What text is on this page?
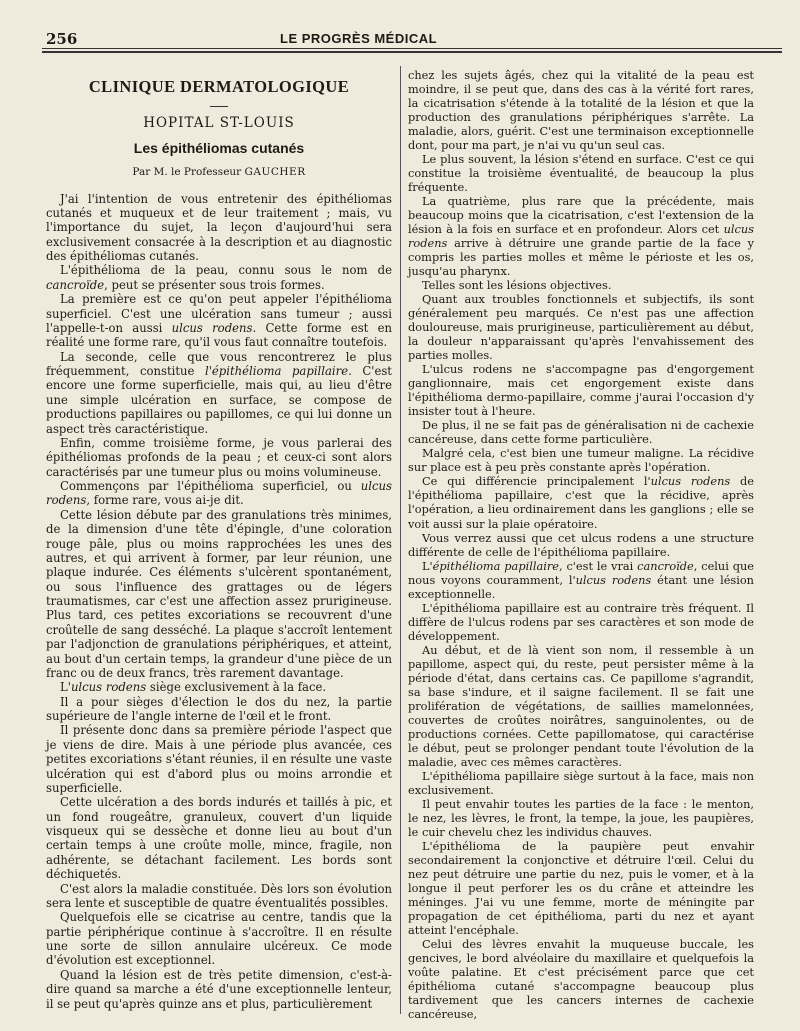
256	LE PROGRÈS MÉDICAL
CLINIQUE DERMATOLOGIQUE
HOPITAL ST-LOUIS
Les épithéliomas cutanés
Par M. le Professeur GAUCHER

J'ai l'intention de vous entretenir des épithéliomas cutanés et muqueux et de leur traitement ; mais, vu l'importance du sujet, la leçon d'aujourd'hui sera exclusivement consacrée à la description et au diagnostic des épithéliomas cutanés.

L'épithélioma de la peau, connu sous le nom de cancroïde, peut se présenter sous trois formes.

La première est ce qu'on peut appeler l'épithélioma superficiel. C'est une ulcération sans tumeur ; aussi l'appelle-t-on aussi ulcus rodens. Cette forme est en réalité une forme rare, qu'il vous faut connaître toutefois.

La seconde, celle que vous rencontrerez le plus fréquemment, constitue l'épithélioma papillaire. C'est encore une forme superficielle, mais qui, au lieu d'être une simple ulcération en surface, se compose de productions papillaires ou papillomes, ce qui lui donne un aspect très caractéristique.

Enfin, comme troisième forme, je vous parlerai des épithéliomas profonds de la peau ; et ceux-ci sont alors caractérisés par une tumeur plus ou moins volumineuse.

Commençons par l'épithélioma superficiel, ou ulcus rodens, forme rare, vous ai-je dit.

Cette lésion débute par des granulations très minimes, de la dimension d'une tête d'épingle, d'une coloration rouge pâle, plus ou moins rapprochées les unes des autres, et qui arrivent à former, par leur réunion, une plaque indurée. Ces éléments s'ulcèrent spontanément, ou sous l'influence des grattages ou de légers traumatismes, car c'est une affection assez prurigineuse. Plus tard, ces petites excoriations se recouvrent d'une croûtelle de sang desséché. La plaque s'accroît lentement par l'adjonction de granulations périphériques, et atteint, au bout d'un certain temps, la grandeur d'une pièce de un franc ou de deux francs, très rarement davantage.

L'ulcus rodens siège exclusivement à la face.

Il a pour sièges d'élection le dos du nez, la partie supérieure de l'angle interne de l'œil et le front.

Il présente donc dans sa première période l'aspect que je viens de dire. Mais à une période plus avancée, ces petites excoriations s'étant réunies, il en résulte une vaste ulcération qui est d'abord plus ou moins arrondie et superficielle.

Cette ulcération a des bords indurés et taillés à pic, et un fond rougeâtre, granuleux, couvert d'un liquide visqueux qui se dessèche et donne lieu au bout d'un certain temps à une croûte molle, mince, fragile, non adhérente, se détachant facilement. Les bords sont déchiquetés.

C'est alors la maladie constituée. Dès lors son évolution sera lente et susceptible de quatre éventualités possibles.

Quelquefois elle se cicatrise au centre, tandis que la partie périphérique continue à s'accroître. Il en résulte une sorte de sillon annulaire ulcéreux. Ce mode d'évolution est exceptionnel.

Quand la lésion est de très petite dimension, c'est-à-dire quand sa marche a été d'une exceptionnelle lenteur, il se peut qu'après quinze ans et plus, particulièrement

chez les sujets âgés, chez qui la vitalité de la peau est moindre, il se peut que, dans des cas à la vérité fort rares, la cicatrisation s'étende à la totalité de la lésion et que la production des granulations périphériques s'arrête. La maladie, alors, guérit. C'est une terminaison exceptionnelle dont, pour ma part, je n'ai vu qu'un seul cas.

Le plus souvent, la lésion s'étend en surface. C'est ce qui constitue la troisième éventualité, de beaucoup la plus fréquente.

La quatrième, plus rare que la précédente, mais beaucoup moins que la cicatrisation, c'est l'extension de la lésion à la fois en surface et en profondeur. Alors cet ulcus rodens arrive à détruire une grande partie de la face y compris les parties molles et même le périoste et les os, jusqu'au pharynx.

Telles sont les lésions objectives.

Quant aux troubles fonctionnels et subjectifs, ils sont généralement peu marqués. Ce n'est pas une affection douloureuse, mais prurigineuse, particulièrement au début, la douleur n'apparaissant qu'après l'envahissement des parties molles.

L'ulcus rodens ne s'accompagne pas d'engorgement ganglionnaire, mais cet engorgement existe dans l'épithélioma dermo-papillaire, comme j'aurai l'occasion d'y insister tout à l'heure.

De plus, il ne se fait pas de généralisation ni de cachexie cancéreuse, dans cette forme particulière.

Malgré cela, c'est bien une tumeur maligne. La récidive sur place est à peu près constante après l'opération.

Ce qui différencie principalement l'ulcus rodens de l'épithélioma papillaire, c'est que la récidive, après l'opération, a lieu ordinairement dans les ganglions ; elle se voit aussi sur la plaie opératoire.

Vous verrez aussi que cet ulcus rodens a une structure différente de celle de l'épithélioma papillaire.

L'épithélioma papillaire, c'est le vrai cancroïde, celui que nous voyons couramment, l'ulcus rodens étant une lésion exceptionnelle.

L'épithélioma papillaire est au contraire très fréquent. Il diffère de l'ulcus rodens par ses caractères et son mode de développement.

Au début, et de là vient son nom, il ressemble à un papillome, aspect qui, du reste, peut persister même à la période d'état, dans certains cas. Ce papillome s'agrandit, sa base s'indure, et il saigne facilement. Il se fait une prolifération de végétations, de saillies mamelonnées, couvertes de croûtes noirâtres, sanguinolentes, ou de productions cornées. Cette papillomatose, qui caractérise le début, peut se prolonger pendant toute l'évolution de la maladie, avec ces mêmes caractères.

L'épithélioma papillaire siège surtout à la face, mais non exclusivement.

Il peut envahir toutes les parties de la face : le menton, le nez, les lèvres, le front, la tempe, la joue, les paupières, le cuir chevelu chez les individus chauves.

L'épithélioma de la paupière peut envahir secondairement la conjonctive et détruire l'œil. Celui du nez peut détruire une partie du nez, puis le vomer, et à la longue il peut perforer les os du crâne et atteindre les méninges. J'ai vu une femme, morte de méningite par propagation de cet épithélioma, parti du nez et ayant atteint l'encéphale.

Celui des lèvres envahit la muqueuse buccale, les gencives, le bord alvéolaire du maxillaire et quelquefois la voûte palatine. Et c'est précisément parce que cet épithélioma cutané s'accompagne beaucoup plus tardivement que les cancers internes de cachexie cancéreuse,
